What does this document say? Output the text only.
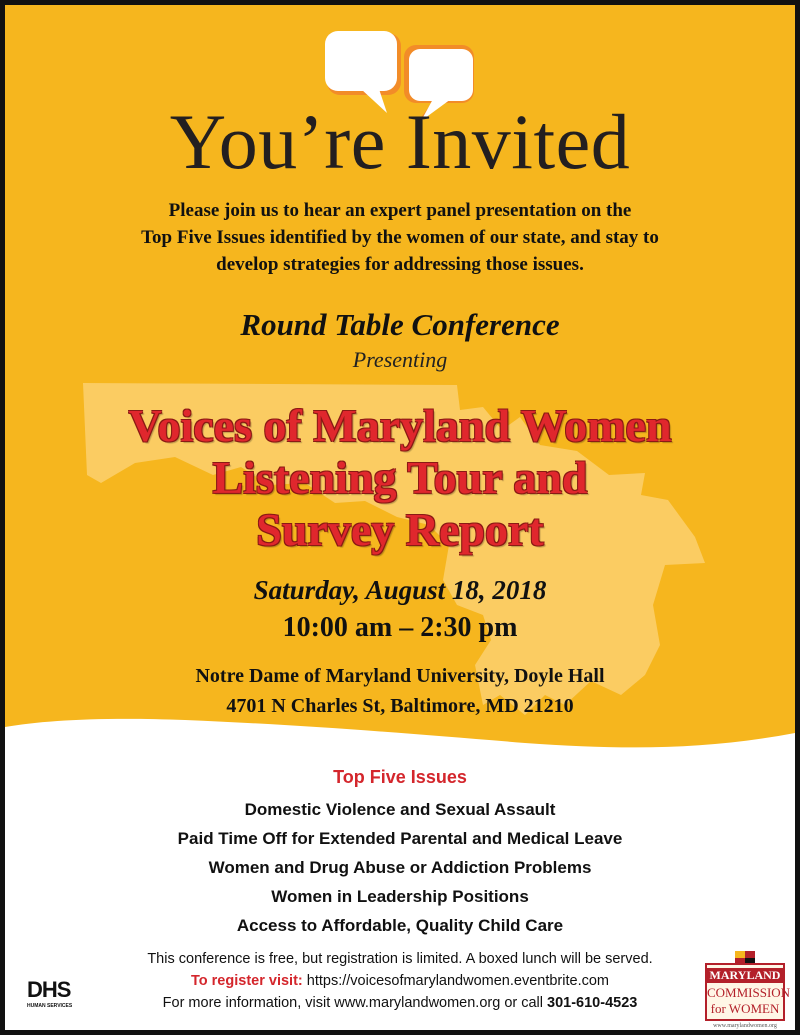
You’re Invited
Please join us to hear an expert panel presentation on the
Top Five Issues identified by the women of our state, and stay to
develop strategies for addressing those issues.
Round Table Conference
Presenting
Voices of Maryland Women
Listening Tour and
Survey Report
Saturday, August 18, 2018
10:00 am – 2:30 pm
Notre Dame of Maryland University, Doyle Hall
4701 N Charles St, Baltimore, MD 21210
Top Five Issues
Domestic Violence and Sexual Assault
Paid Time Off for Extended Parental and Medical Leave
Women and Drug Abuse or Addiction Problems
Women in Leadership Positions
Access to Affordable, Quality Child Care
This conference is free, but registration is limited. A boxed lunch will be served.
To register visit: https://voicesofmarylandwomen.eventbrite.com
For more information, visit www.marylandwomen.org or call 301-610-4523
DHS
HUMAN SERVICES
MARYLAND
COMMISSION
for WOMEN
www.marylandwomen.org
